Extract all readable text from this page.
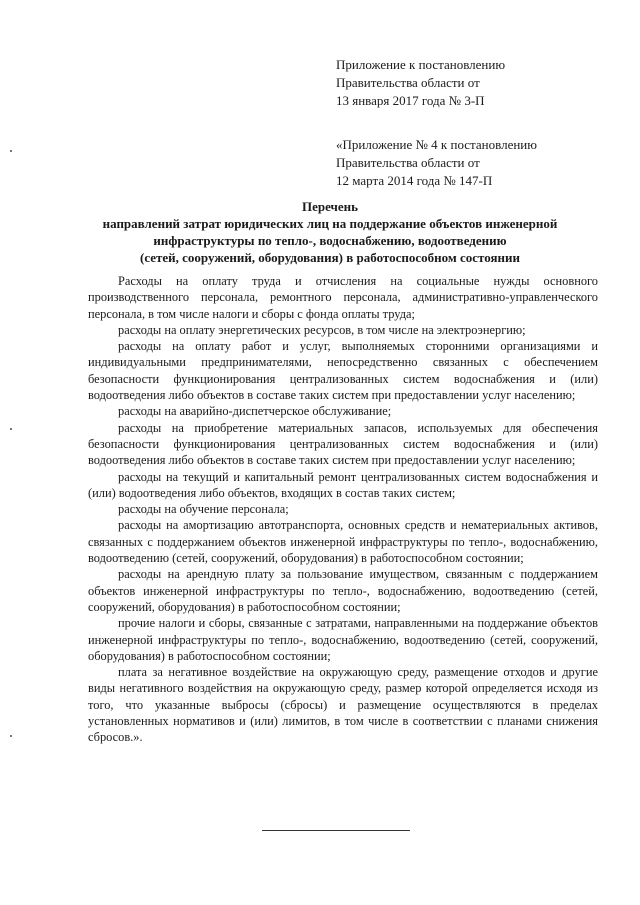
Приложение к постановлению
Правительства области от
13 января 2017 года № 3-П
«Приложение № 4 к постановлению
Правительства области от
12 марта 2014 года № 147-П
Перечень
направлений затрат юридических лиц на поддержание объектов инженерной
инфраструктуры по тепло-, водоснабжению, водоотведению
(сетей, сооружений, оборудования) в работоспособном состоянии

Расходы на оплату труда и отчисления на социальные нужды основного производственного персонала, ремонтного персонала, административно-управленческого персонала, в том числе налоги и сборы с фонда оплаты труда;

расходы на оплату энергетических ресурсов, в том числе на электроэнергию;

расходы на оплату работ и услуг, выполняемых сторонними организациями и индивидуальными предпринимателями, непосредственно связанных с обеспечением безопасности функционирования централизованных систем водоснабжения и (или) водоотведения либо объектов в составе таких систем при предоставлении услуг населению;

расходы на аварийно-диспетчерское обслуживание;

расходы на приобретение материальных запасов, используемых для обеспечения безопасности функционирования централизованных систем водоснабжения и (или) водоотведения либо объектов в составе таких систем при предоставлении услуг населению;

расходы на текущий и капитальный ремонт централизованных систем водоснабжения и (или) водоотведения либо объектов, входящих в состав таких систем;

расходы на обучение персонала;

расходы на амортизацию автотранспорта, основных средств и нематериальных активов, связанных с поддержанием объектов инженерной инфраструктуры по тепло-, водоснабжению, водоотведению (сетей, сооружений, оборудования) в работоспособном состоянии;

расходы на арендную плату за пользование имуществом, связанным с поддержанием объектов инженерной инфраструктуры по тепло-, водоснабжению, водоотведению (сетей, сооружений, оборудования) в работоспособном состоянии;

прочие налоги и сборы, связанные с затратами, направленными на поддержание объектов инженерной инфраструктуры по тепло-, водоснабжению, водоотведению (сетей, сооружений, оборудования) в работоспособном состоянии;

плата за негативное воздействие на окружающую среду, размещение отходов и другие виды негативного воздействия на окружающую среду, размер которой определяется исходя из того, что указанные выбросы (сбросы) и размещение осуществляются в пределах установленных нормативов и (или) лимитов, в том числе в соответствии с планами снижения сбросов.».
